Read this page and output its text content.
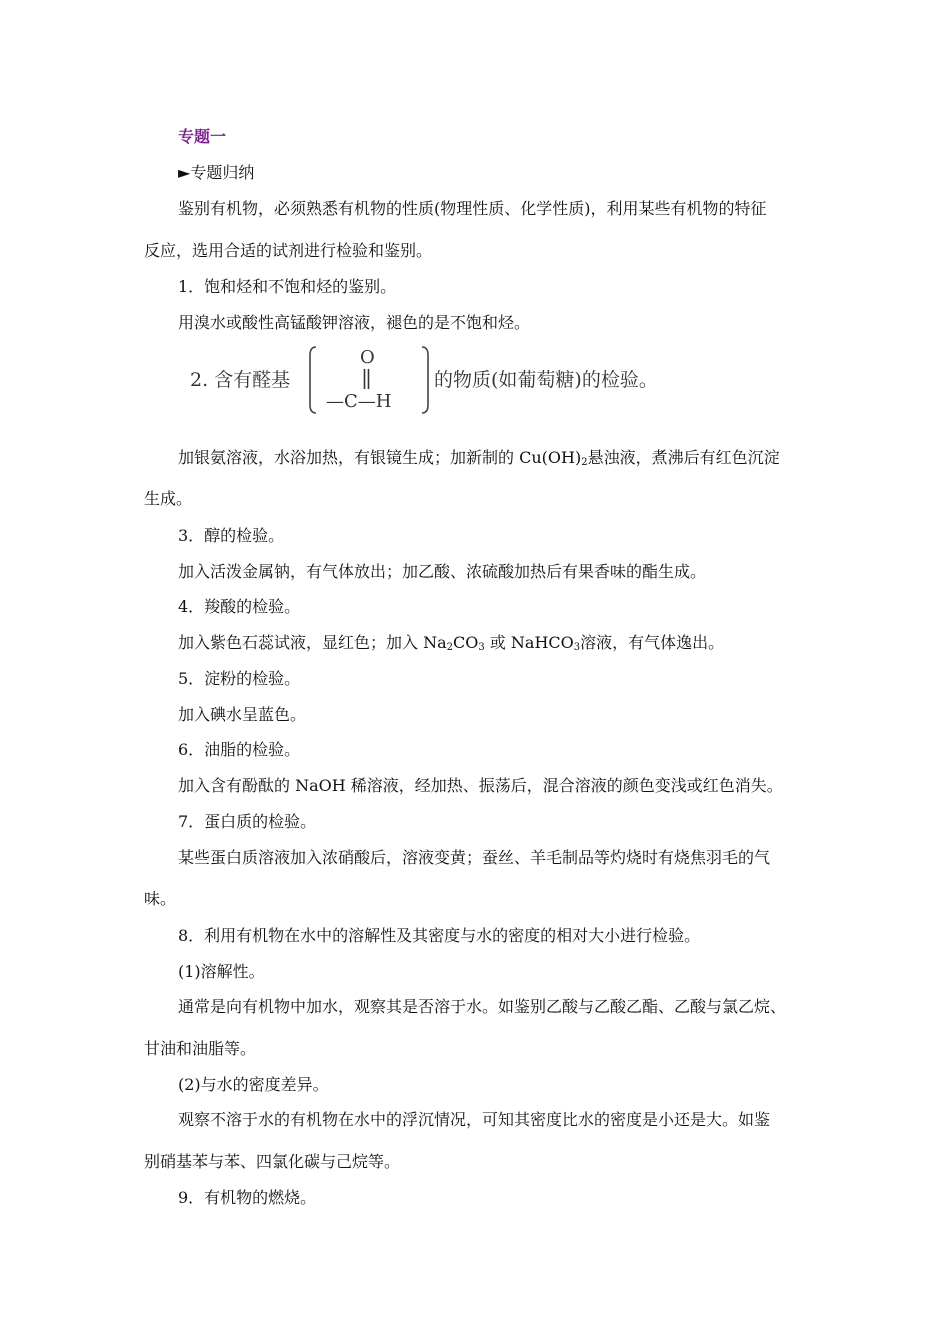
专题一
►专题归纳
鉴别有机物，必须熟悉有机物的性质(物理性质、化学性质)，利用某些有机物的特征
反应，选用合适的试剂进行检验和鉴别。
1．饱和烃和不饱和烃的鉴别。
用溴水或酸性高锰酸钾溶液，褪色的是不饱和烃。
2. 含有醛基
O
—C—H
的物质(如葡萄糖)的检验。
加银氨溶液，水浴加热，有银镜生成；加新制的 $Cu(OH)_2$悬浊液，煮沸后有红色沉淀
生成。
3．醇的检验。
加入活泼金属钠，有气体放出；加乙酸、浓硫酸加热后有果香味的酯生成。
4．羧酸的检验。
加入紫色石蕊试液，显红色；加入 $Na_2CO_3$ 或 NaHCO$_3$溶液，有气体逸出。
5．淀粉的检验。
加入碘水呈蓝色。
6．油脂的检验。
加入含有酚酞的 NaOH 稀溶液，经加热、振荡后，混合溶液的颜色变浅或红色消失。
7．蛋白质的检验。
某些蛋白质溶液加入浓硝酸后，溶液变黄；蚕丝、羊毛制品等灼烧时有烧焦羽毛的气
味。
8．利用有机物在水中的溶解性及其密度与水的密度的相对大小进行检验。
(1)溶解性。
通常是向有机物中加水，观察其是否溶于水。如鉴别乙酸与乙酸乙酯、乙酸与氯乙烷、
甘油和油脂等。
(2)与水的密度差异。
观察不溶于水的有机物在水中的浮沉情况，可知其密度比水的密度是小还是大。如鉴
别硝基苯与苯、四氯化碳与己烷等。
9．有机物的燃烧。
